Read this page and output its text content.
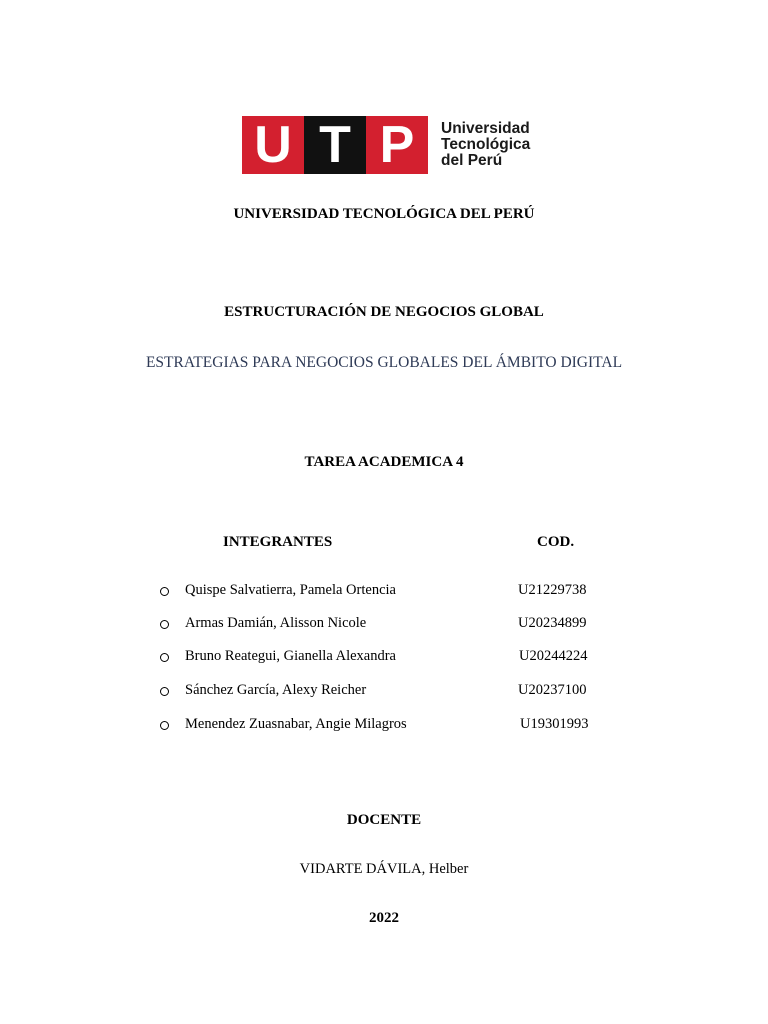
U T P	Universidad
Tecnológica
del Perú
UNIVERSIDAD TECNOLÓGICA DEL PERÚ
ESTRUCTURACIÓN DE NEGOCIOS GLOBAL
ESTRATEGIAS PARA NEGOCIOS GLOBALES DEL ÁMBITO DIGITAL
TAREA ACADEMICA 4
INTEGRANTES	COD.
Quispe Salvatierra, Pamela Ortencia	U21229738
Armas Damián, Alisson Nicole	U20234899
Bruno Reategui, Gianella Alexandra	U20244224
Sánchez García, Alexy Reicher	U20237100
Menendez Zuasnabar, Angie Milagros	U19301993
DOCENTE
VIDARTE DÁVILA, Helber
2022
